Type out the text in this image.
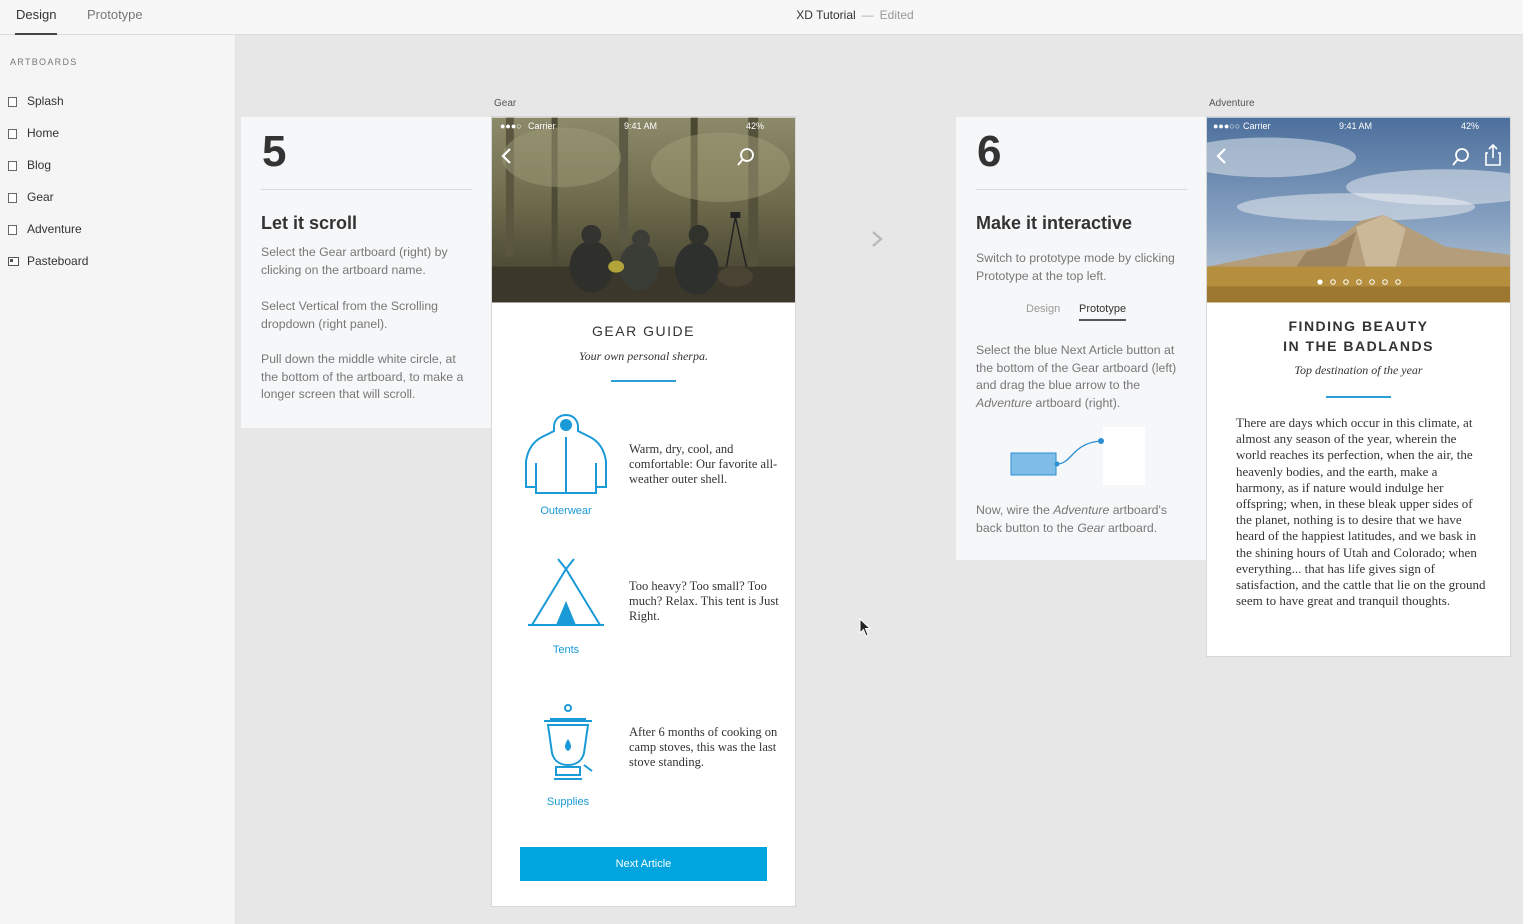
Design Prototype	XD Tutorial — Edited
ARTBOARDS
Splash
Home
Blog
Gear
Adventure
Pasteboard
Gear	Adventure
5
Let it scroll
Select the Gear artboard (right) by clicking on the artboard name.
Select Vertical from the Scrolling dropdown (right panel).
Pull down the middle white circle, at the bottom of the artboard, to make a longer screen that will scroll.
●●●○ Carrier	9:41 AM	42%
GEAR GUIDE
Your own personal sherpa.
Outerwear
Warm, dry, cool, and comfortable: Our favorite all-weather outer shell.
Tents
Too heavy? Too small? Too much? Relax. This tent is Just Right.
Supplies
After 6 months of cooking on camp stoves, this was the last stove standing.
Next Article
6
Make it interactive
Switch to prototype mode by clicking Prototype at the top left.
Design Prototype
Select the blue Next Article button at the bottom of the Gear artboard (left) and drag the blue arrow to the Adventure artboard (right).
Now, wire the Adventure artboard's back button to the Gear artboard.
●●●○○ Carrier	9:41 AM	42%
FINDING BEAUTY
IN THE BADLANDS
Top destination of the year
There are days which occur in this climate, at almost any season of the year, wherein the world reaches its perfection, when the air, the heavenly bodies, and the earth, make a harmony, as if nature would indulge her offspring; when, in these bleak upper sides of the planet, nothing is to desire that we have heard of the happiest latitudes, and we bask in the shining hours of Utah and Colorado; when everything... that has life gives sign of satisfaction, and the cattle that lie on the ground seem to have great and tranquil thoughts.
